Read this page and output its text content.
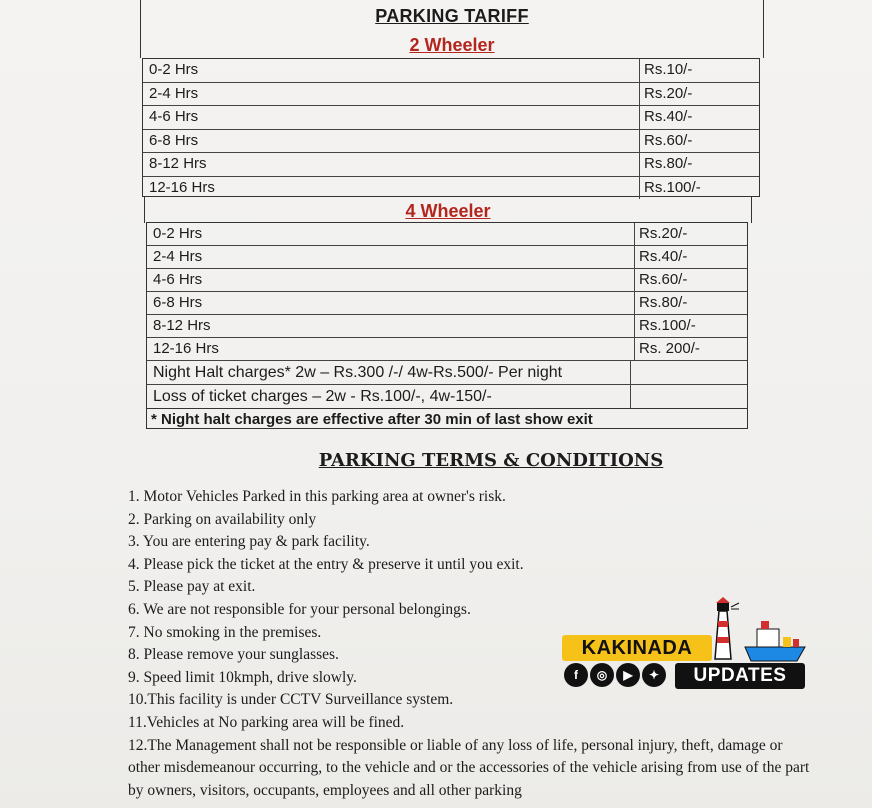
PARKING TARIFF
2 Wheeler
0-2 Hrs	Rs.10/-
2-4 Hrs	Rs.20/-
4-6 Hrs	Rs.40/-
6-8 Hrs	Rs.60/-
8-12 Hrs	Rs.80/-
12-16 Hrs	Rs.100/-
4 Wheeler
0-2 Hrs	Rs.20/-
2-4 Hrs	Rs.40/-
4-6 Hrs	Rs.60/-
6-8 Hrs	Rs.80/-
8-12 Hrs	Rs.100/-
12-16 Hrs	Rs. 200/-
Night Halt charges* 2w – Rs.300 /-/ 4w-Rs.500/- Per night
Loss of ticket charges – 2w - Rs.100/-, 4w-150/-
* Night halt charges are effective after 30 min of last show exit
PARKING TERMS & CONDITIONS
1. Motor Vehicles Parked in this parking area at owner's risk.
2. Parking on availability only
3. You are entering pay & park facility.
4. Please pick the ticket at the entry & preserve it until you exit.
5. Please pay at exit.
6. We are not responsible for your personal belongings.
7. No smoking in the premises.
8. Please remove your sunglasses.
9. Speed limit 10kmph, drive slowly.
10.This facility is under CCTV Surveillance system.
11.Vehicles at No parking area will be fined.
12.The Management shall not be responsible or liable of any loss of life, personal injury, theft, damage or other misdemeanour occurring, to the vehicle and or the accessories of the vehicle arising from use of the part by owners, visitors, occupants, employees and all other parking
KAKINADA
f	◎	▶	✦	UPDATES
